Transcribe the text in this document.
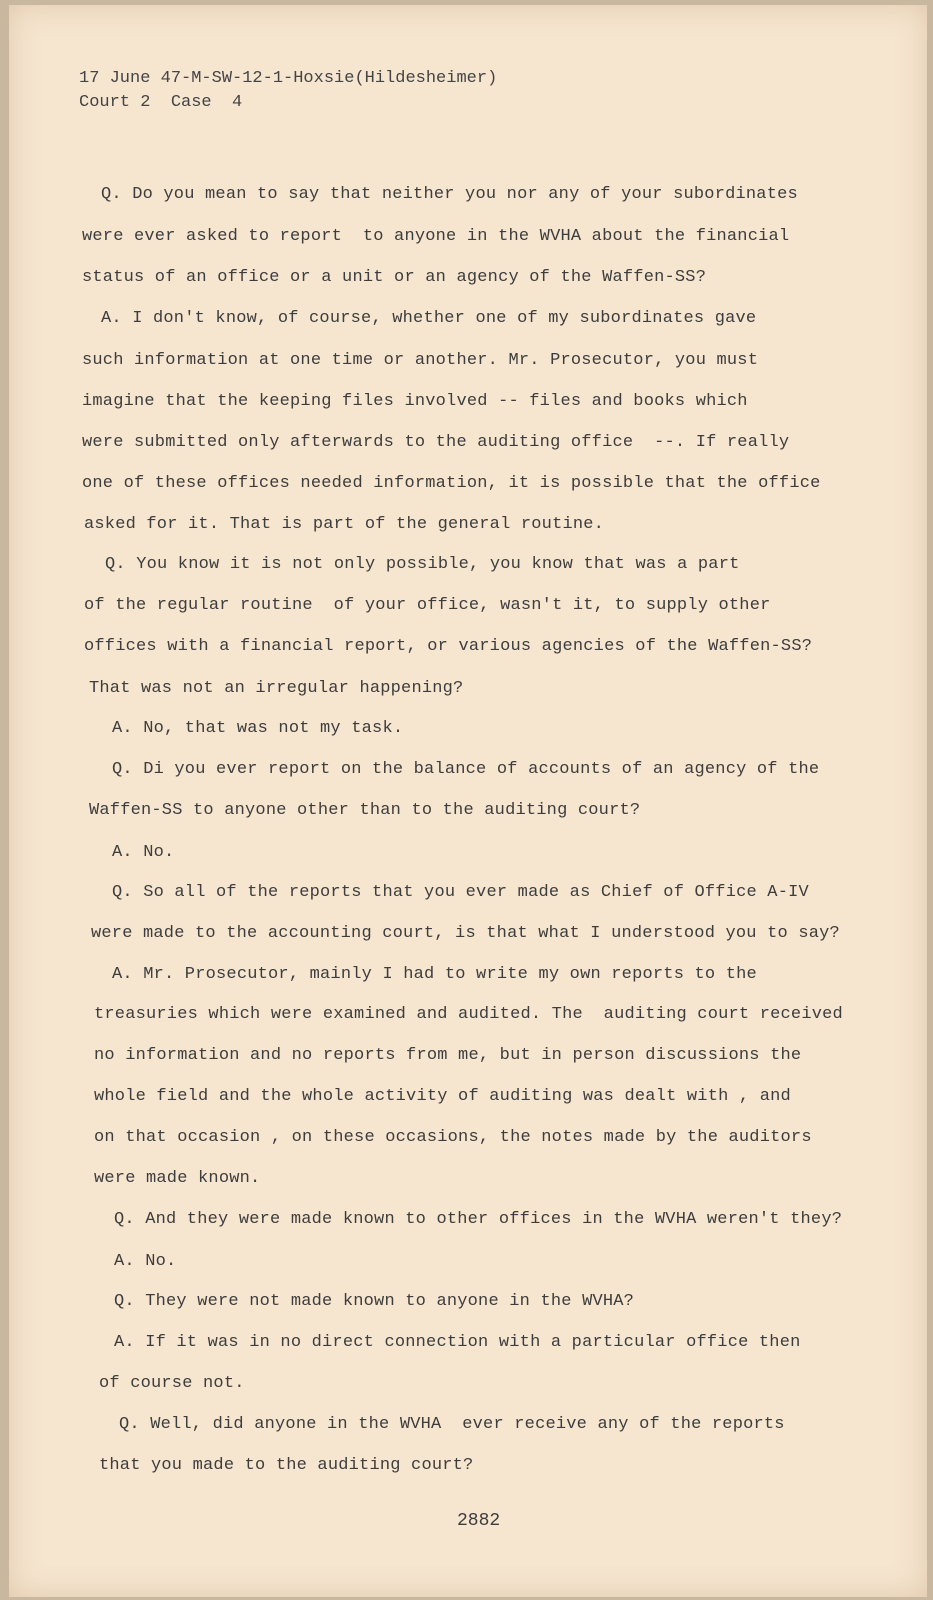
17 June 47-M-SW-12-1-Hoxsie(Hildesheimer)
Court 2  Case  4
Q. Do you mean to say that neither you nor any of your subordinates
were ever asked to report  to anyone in the WVHA about the financial
status of an office or a unit or an agency of the Waffen-SS?
A. I don't know, of course, whether one of my subordinates gave
such information at one time or another. Mr. Prosecutor, you must
imagine that the keeping files involved -- files and books which
were submitted only afterwards to the auditing office  --. If really
one of these offices needed information, it is possible that the office
asked for it. That is part of the general routine.
Q. You know it is not only possible, you know that was a part
of the regular routine  of your office, wasn't it, to supply other
offices with a financial report, or various agencies of the Waffen-SS?
That was not an irregular happening?
A. No, that was not my task.
Q. Di you ever report on the balance of accounts of an agency of the
Waffen-SS to anyone other than to the auditing court?
A. No.
Q. So all of the reports that you ever made as Chief of Office A-IV
were made to the accounting court, is that what I understood you to say?
A. Mr. Prosecutor, mainly I had to write my own reports to the
treasuries which were examined and audited. The  auditing court received
no information and no reports from me, but in person discussions the
whole field and the whole activity of auditing was dealt with , and
on that occasion , on these occasions, the notes made by the auditors
were made known.
Q. And they were made known to other offices in the WVHA weren't they?
A. No.
Q. They were not made known to anyone in the WVHA?
A. If it was in no direct connection with a particular office then
of course not.
Q. Well, did anyone in the WVHA  ever receive any of the reports
that you made to the auditing court?
2882
